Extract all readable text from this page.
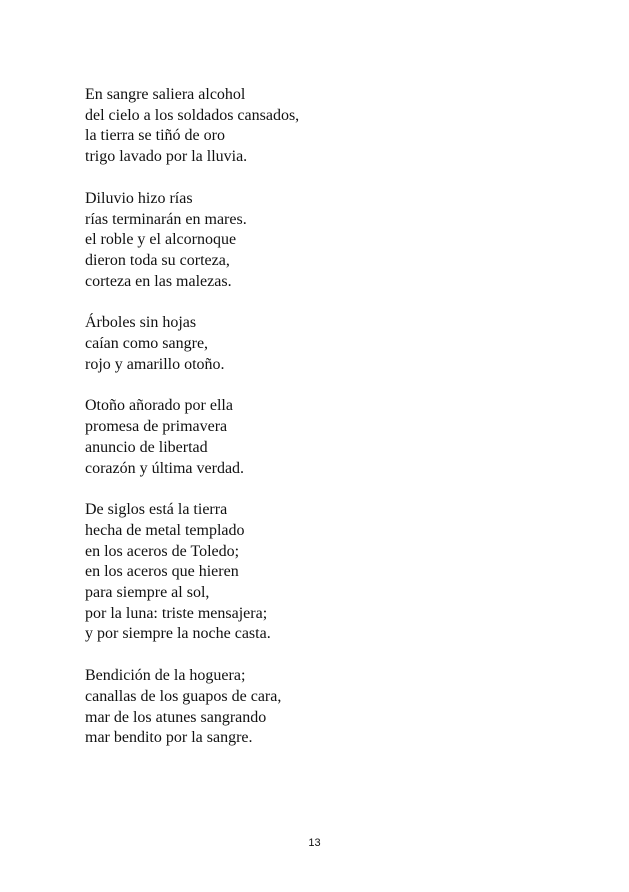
En sangre saliera alcohol
del cielo a los soldados cansados,
la tierra se tiñó de oro
trigo lavado por la lluvia.
Diluvio hizo rías
rías terminarán en mares.
el roble y el alcornoque
dieron toda su corteza,
corteza en las malezas.
Árboles sin hojas
caían como sangre,
rojo y amarillo otoño.
Otoño añorado por ella
promesa de primavera
anuncio de libertad
corazón y última verdad.
De siglos está la tierra
hecha de metal templado
en los aceros de Toledo;
en los aceros que hieren
para siempre al sol,
por la luna: triste mensajera;
y por siempre la noche casta.
Bendición de la hoguera;
canallas de los guapos de cara,
mar de los atunes sangrando
mar bendito por la sangre.
13
